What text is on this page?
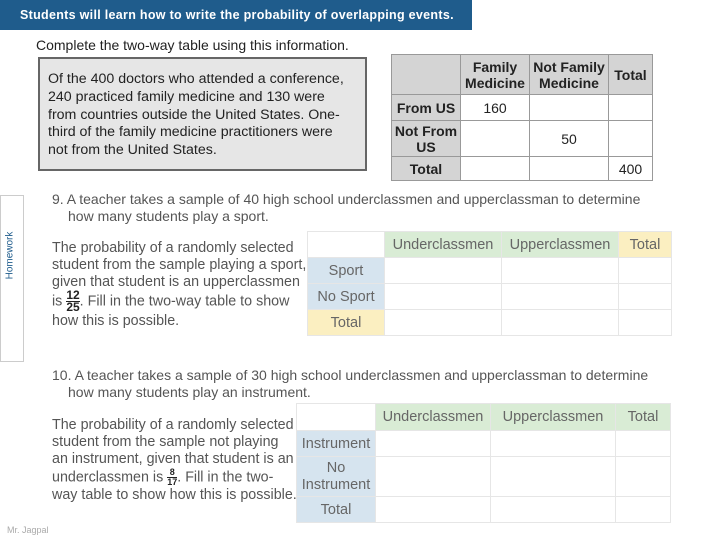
Students will learn how to write the probability of overlapping events.
Homework
Complete the two-way table using this information.

Of the 400 doctors who attended a conference, 240 practiced family medicine and 130 were from countries outside the United States. One-third of the family medicine practitioners were not from the United States.

	Family Medicine	Not Family Medicine	Total
From US	160		
Not From US		50	
Total			400
9. A teacher takes a sample of 40 high school underclassmen and upperclassman to determine how many students play a sport.
The probability of a randomly selected student from the sample playing a sport, given that student is an upperclassmen is $\frac{12}{25}$ . Fill in the two-way table to show how this is possible.
	Underclassmen	Upperclassmen	Total
Sport			
No Sport			
Total			
10. A teacher takes a sample of 30 high school underclassmen and upperclassman to determine how many students play an instrument.
The probability of a randomly selected student from the sample not playing an instrument, given that student is an underclassmen is $\frac{8}{17}$ . Fill in the two-way table to show how this is possible.
	Underclassmen	Upperclassmen	Total
Instrument			
No Instrument			
Total			
Mr. Jagpal
